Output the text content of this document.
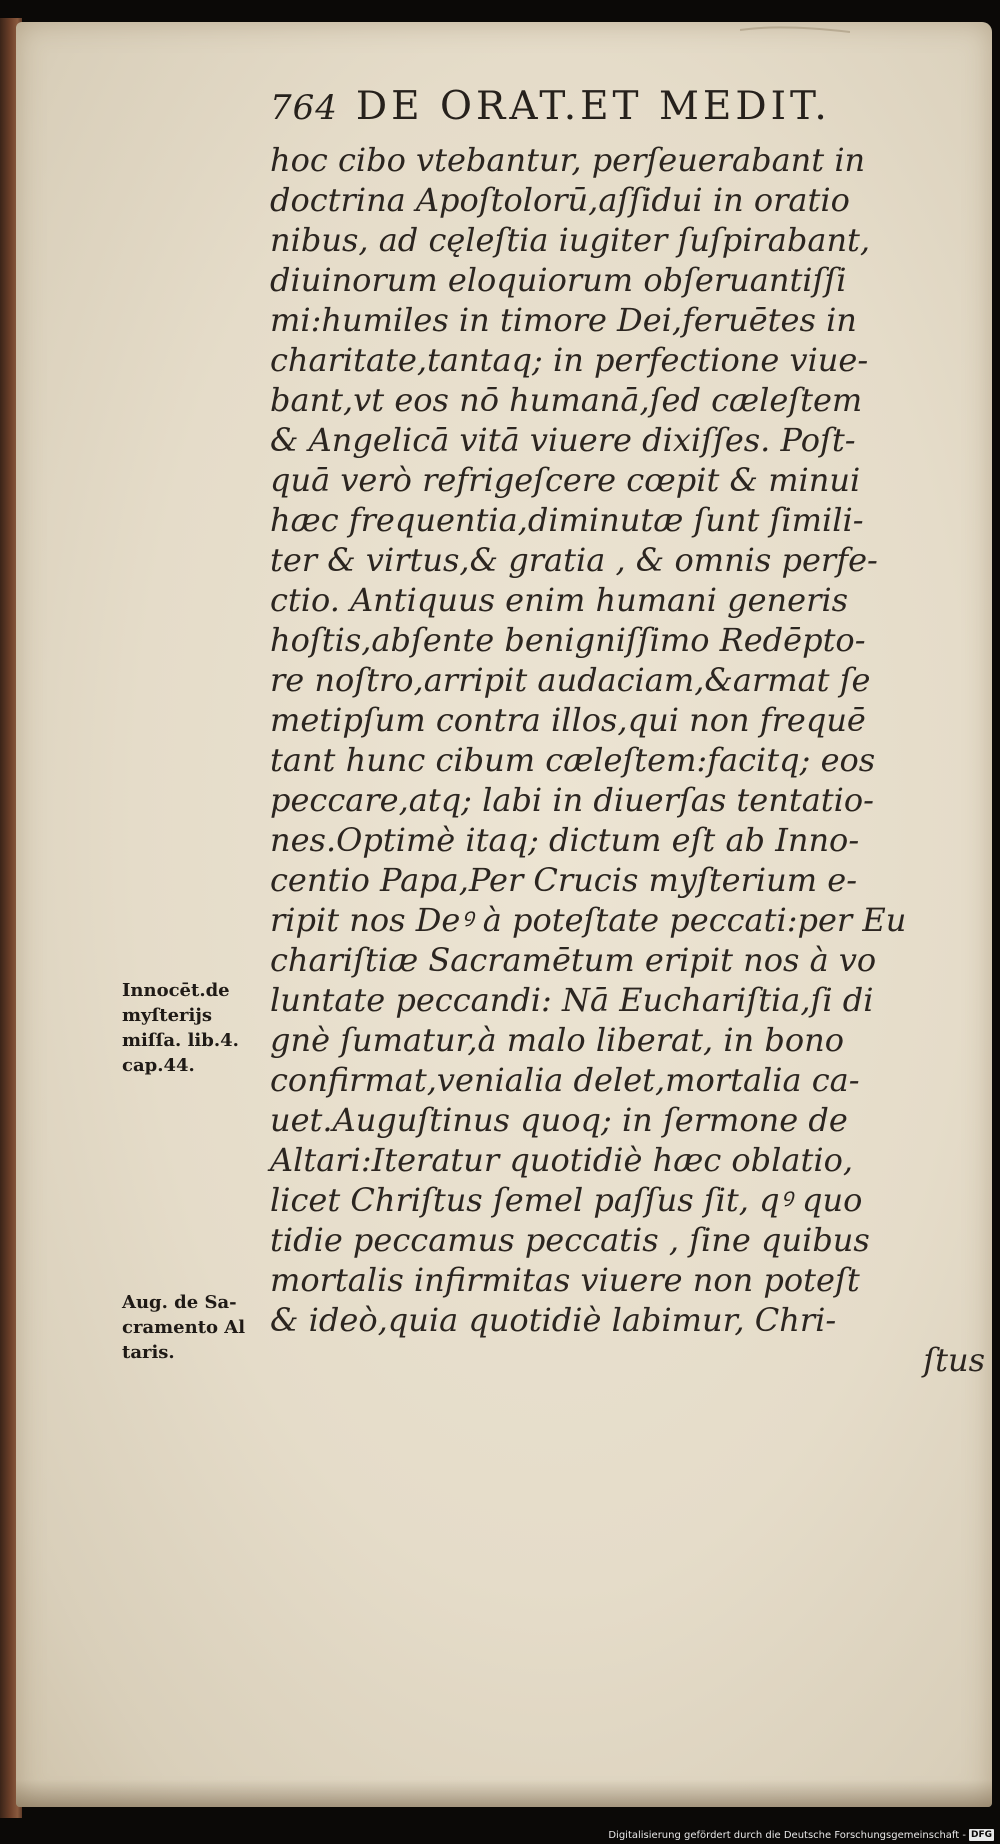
764 DE ORAT.ET MEDIT.
hoc cibo vtebantur, perſeuerabant in
doctrina Apoſtolorū,aſſidui in oratio
nibus, ad cęleſtia iugiter ſuſpirabant,
diuinorum eloquiorum obſeruantiſſi
mi:humiles in timore Dei,feruētes in
charitate,tantaq; in perfectione viue-
bant,vt eos nō humanā,ſed cæleſtem
& Angelicā vitā viuere dixiſſes. Poſt-
quā verò refrigeſcere cœpit & minui
hæc frequentia,diminutæ ſunt ſimili-
ter & virtus,& gratia , & omnis perfe-
ctio. Antiquus enim humani generis
hoſtis,abſente benigniſſimo Redēpto-
re noſtro,arripit audaciam,&armat ſe
metipſum contra illos,qui non frequē
tant hunc cibum cæleſtem:facitq; eos
peccare,atq; labi in diuerſas tentatio-
nes.Optimè itaq; dictum eſt ab Inno-
centio Papa,Per Crucis myſterium e-
ripit nos Deꝰ à poteſtate peccati:per Eu
chariſtiæ Sacramētum eripit nos à vo
luntate peccandi: Nā Euchariſtia,ſi di
gnè ſumatur,à malo liberat, in bono
confirmat,venialia delet,mortalia ca-
uet.Auguſtinus quoq; in ſermone de
Altari:Iteratur quotidiè hæc oblatio,
licet Chriſtus ſemel paſſus ſit, qꝰ quo
tidie peccamus peccatis , ſine quibus
mortalis infirmitas viuere non poteſt
& ideò,quia quotidiè labimur, Chri-
ſtus
Innocēt.de
myſterijs
miſſa. lib.4.
cap.44.
Aug. de Sa-
cramento Al
taris.
Digitalisierung gefördert durch die Deutsche Forschungsgemeinschaft - DFG
